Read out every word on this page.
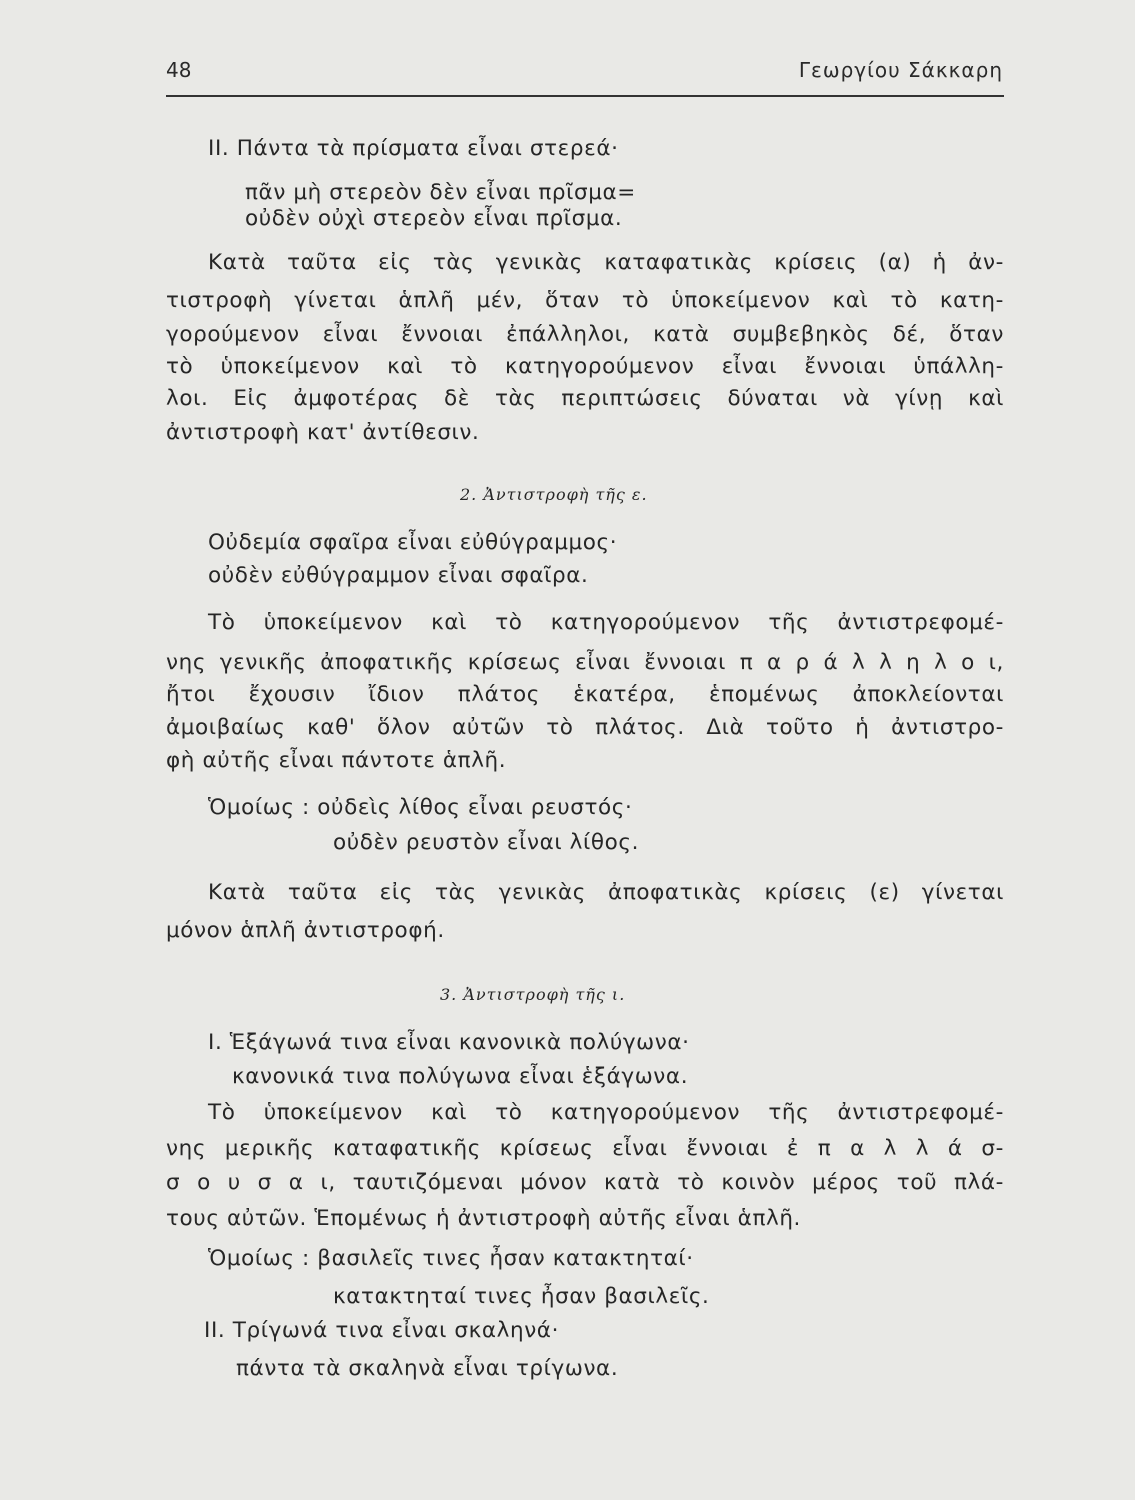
48	Γεωργίου Σάκκαρη
II. Πάντα τὰ πρίσματα εἶναι στερεά·
πᾶν μὴ στερεὸν δὲν εἶναι πρῖσμα=
οὐδὲν οὐχὶ στερεὸν εἶναι πρῖσμα.
Κατὰ ταῦτα εἰς τὰς γενικὰς καταφατικὰς κρίσεις (α) ἡ ἀν-
τιστροφὴ γίνεται ἁπλῆ μέν, ὅταν τὸ ὑποκείμενον καὶ τὸ κατη-
γορούμενον εἶναι ἔννοιαι ἐπάλληλοι, κατὰ συμβεβηκὸς δέ, ὅταν
τὸ ὑποκείμενον καὶ τὸ κατηγορούμενον εἶναι ἔννοιαι ὑπάλλη-
λοι. Εἰς ἀμφοτέρας δὲ τὰς περιπτώσεις δύναται νὰ γίνῃ καὶ
ἀντιστροφὴ κατ' ἀντίθεσιν.
2. Ἀντιστροφὴ τῆς ε.
Οὐδεμία σφαῖρα εἶναι εὐθύγραμμος·
οὐδὲν εὐθύγραμμον εἶναι σφαῖρα.
Τὸ ὑποκείμενον καὶ τὸ κατηγορούμενον τῆς ἀντιστρεφομέ-
νης γενικῆς ἀποφατικῆς κρίσεως εἶναι ἔννοιαι π α ρ ά λ λ η λ ο ι,
ἤτοι ἔχουσιν ἴδιον πλάτος ἑκατέρα, ἑπομένως ἀποκλείονται
ἀμοιβαίως καθ' ὅλον αὐτῶν τὸ πλάτος. Διὰ τοῦτο ἡ ἀντιστρο-
φὴ αὐτῆς εἶναι πάντοτε ἁπλῆ.
Ὁμοίως : οὐδεὶς λίθος εἶναι ρευστός·
οὐδὲν ρευστὸν εἶναι λίθος.
Κατὰ ταῦτα εἰς τὰς γενικὰς ἀποφατικὰς κρίσεις (ε) γίνεται
μόνον ἁπλῆ ἀντιστροφή.
3. Ἀντιστροφὴ τῆς ι.
I. Ἑξάγωνά τινα εἶναι κανονικὰ πολύγωνα·
κανονικά τινα πολύγωνα εἶναι ἑξάγωνα.
Τὸ ὑποκείμενον καὶ τὸ κατηγορούμενον τῆς ἀντιστρεφομέ-
νης μερικῆς καταφατικῆς κρίσεως εἶναι ἔννοιαι ἐ π α λ λ ά σ-
σ ο υ σ α ι, ταυτιζόμεναι μόνον κατὰ τὸ κοινὸν μέρος τοῦ πλά-
τους αὐτῶν. Ἑπομένως ἡ ἀντιστροφὴ αὐτῆς εἶναι ἁπλῆ.
Ὁμοίως : βασιλεῖς τινες ἦσαν κατακτηταί·
κατακτηταί τινες ἦσαν βασιλεῖς.
II. Τρίγωνά τινα εἶναι σκαληνά·
πάντα τὰ σκαληνὰ εἶναι τρίγωνα.
